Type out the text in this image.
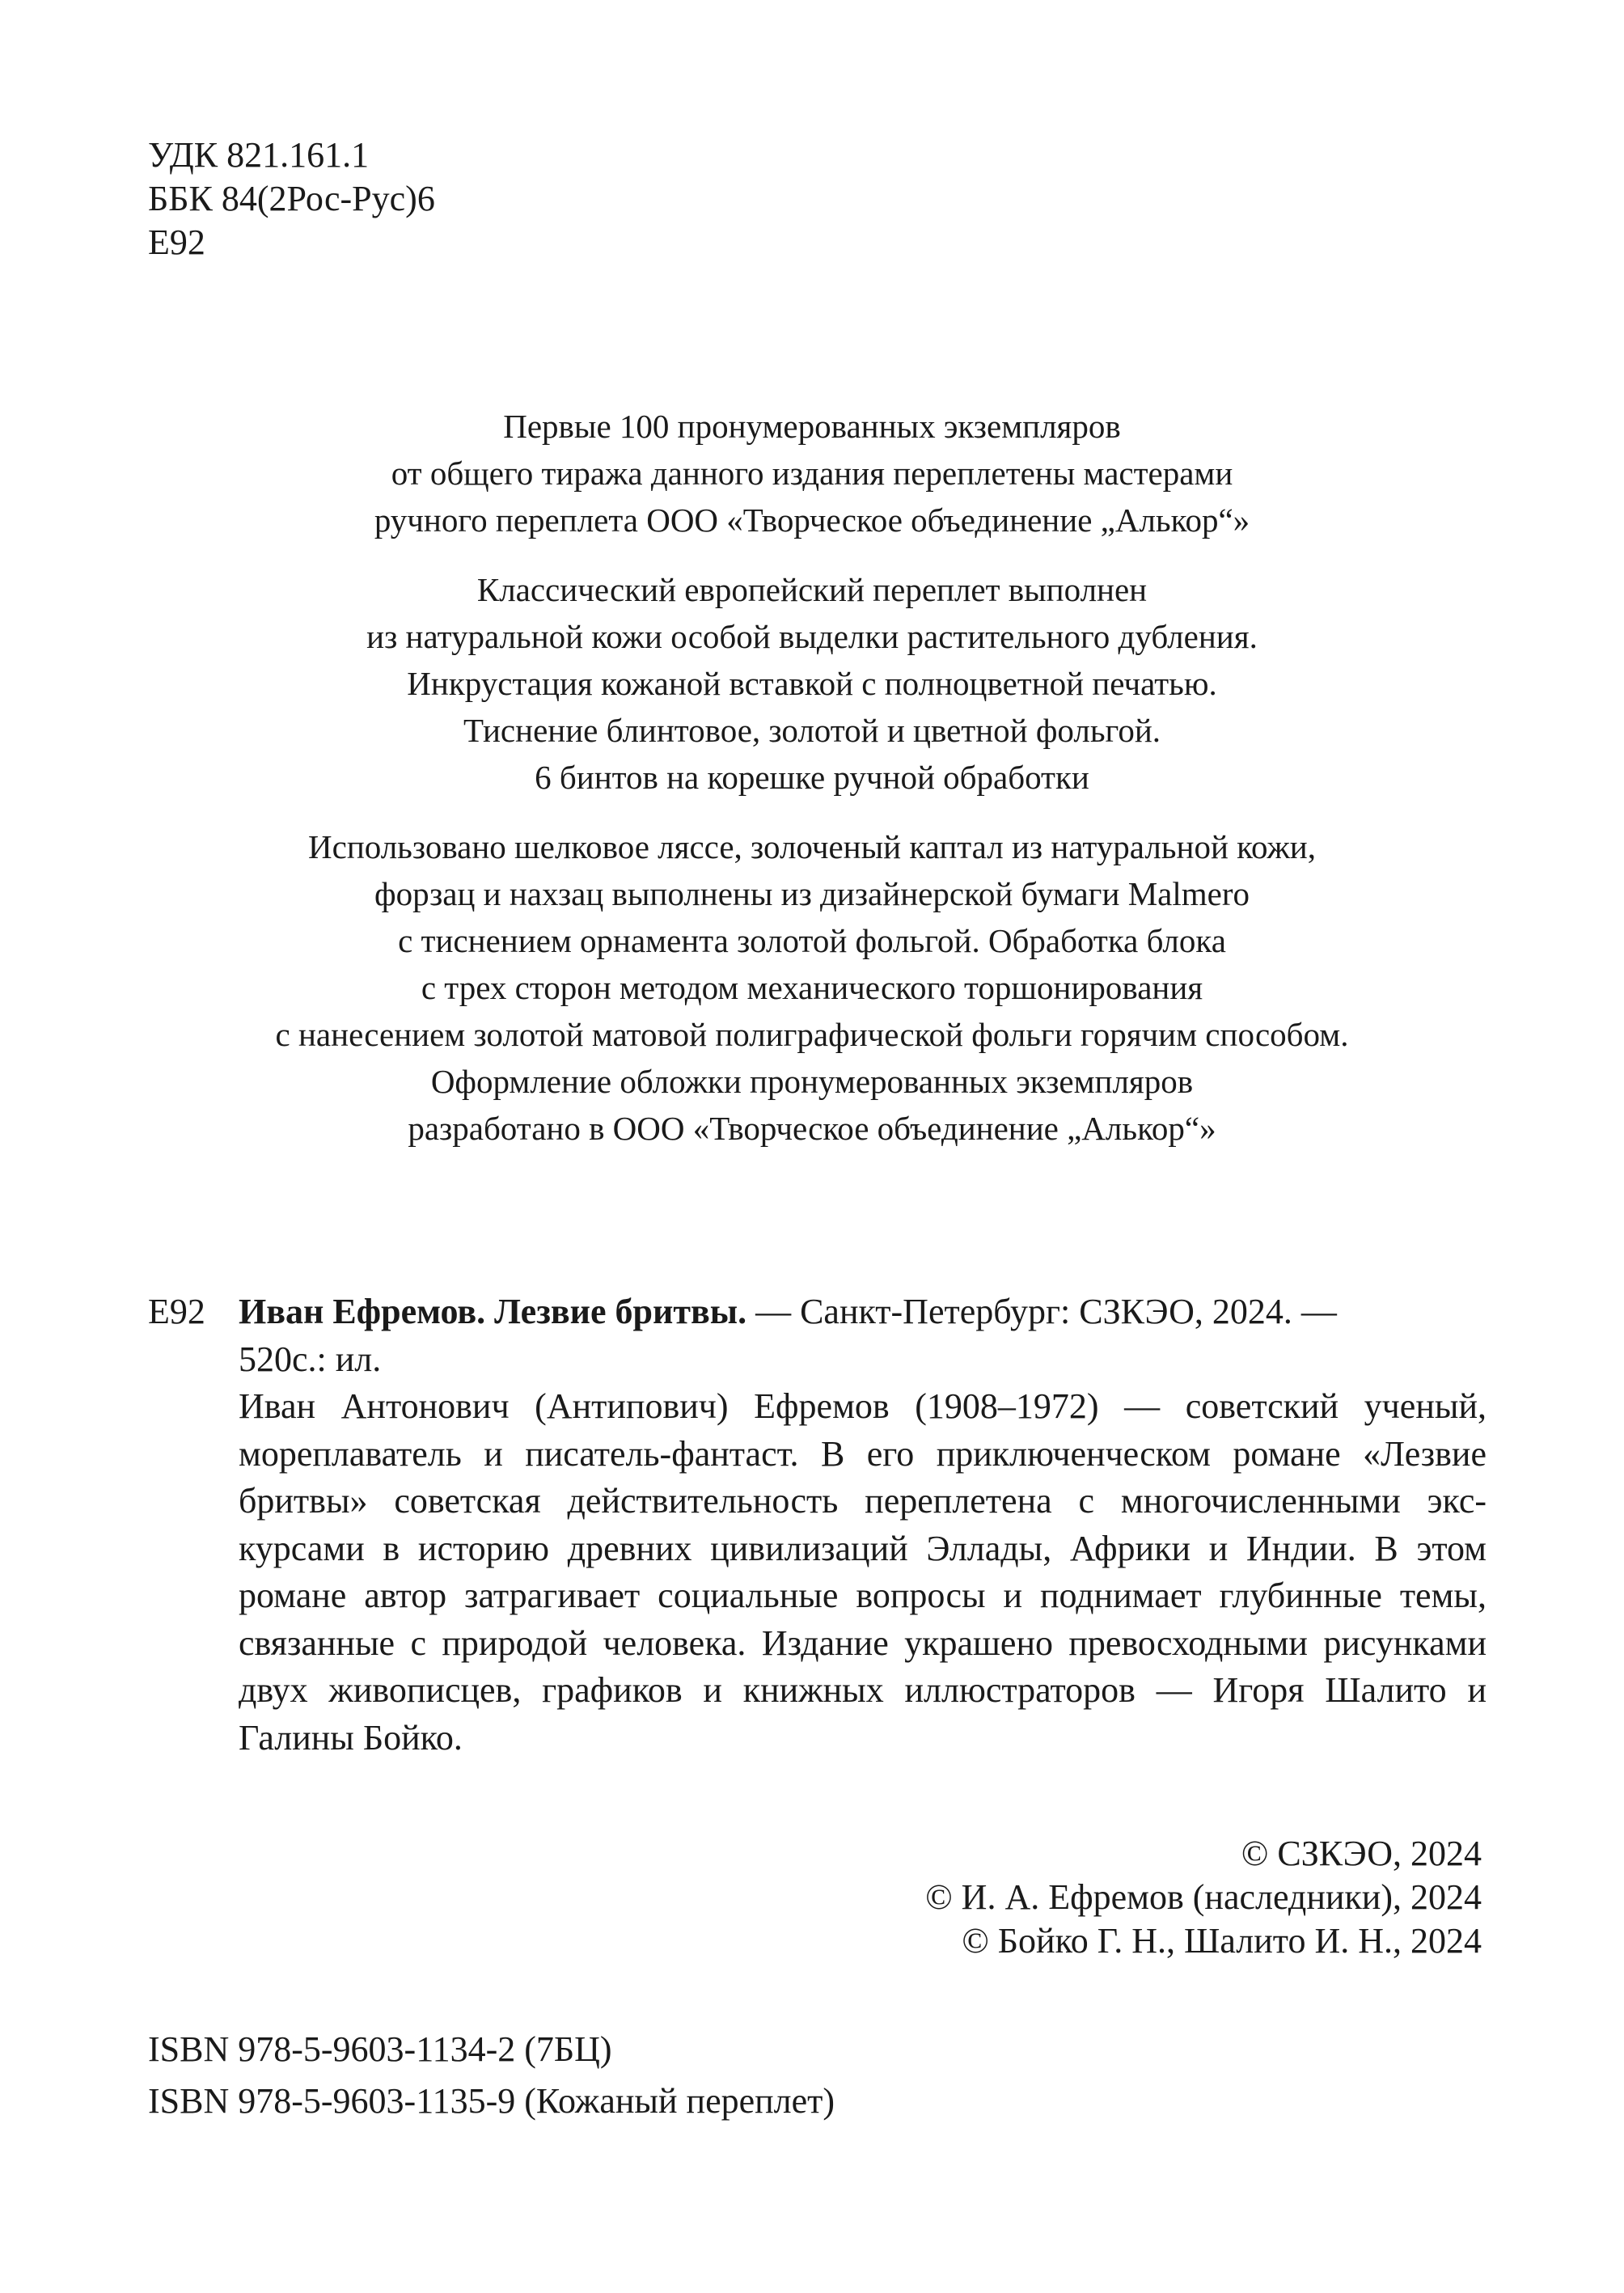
УДК 821.161.1
ББК 84(2Рос-Рус)6
Е92

Первые 100 пронумерованных экземпляров
от общего тиража данного издания переплетены мастерами
ручного переплета ООО «Творческое объединение „Алькор“»

Классический европейский переплет выполнен
из натуральной кожи особой выделки растительного дубления.
Инкрустация кожаной вставкой с полноцветной печатью.
Тиснение блинтовое, золотой и цветной фольгой.
6 бинтов на корешке ручной обработки

Использовано шелковое ляссе, золоченый каптал из натуральной кожи,
форзац и нахзац выполнены из дизайнерской бумаги Malmero
с тиснением орнамента золотой фольгой. Обработка блока
с трех сторон методом механического торшонирования
с нанесением золотой матовой полиграфической фольги горячим способом.
Оформление обложки пронумерованных экземпляров
разработано в ООО «Творческое объединение „Алькор“»

Е92 Иван Ефремов. Лезвие бритвы. — Санкт-Петербург: СЗКЭО, 2024. —
520с.: ил.
Иван Антонович (Антипович) Ефремов (1908–1972) — советский ученый,
мореплаватель и писатель-фантаст. В его приключенческом романе «Лезвие
бритвы» советская действительность переплетена с многочисленными экс-
курсами в историю древних цивилизаций Эллады, Африки и Индии. В этом
романе автор затрагивает социальные вопросы и поднимает глубинные темы,
связанные с природой человека. Издание украшено превосходными рисунками
двух живописцев, графиков и книжных иллюстраторов — Игоря Шалито и
Галины Бойко.
© СЗКЭО, 2024
© И. А. Ефремов (наследники), 2024
© Бойко Г. Н., Шалито И. Н., 2024
ISBN 978-5-9603-1134-2 (7БЦ)
ISBN 978-5-9603-1135-9 (Кожаный переплет)
